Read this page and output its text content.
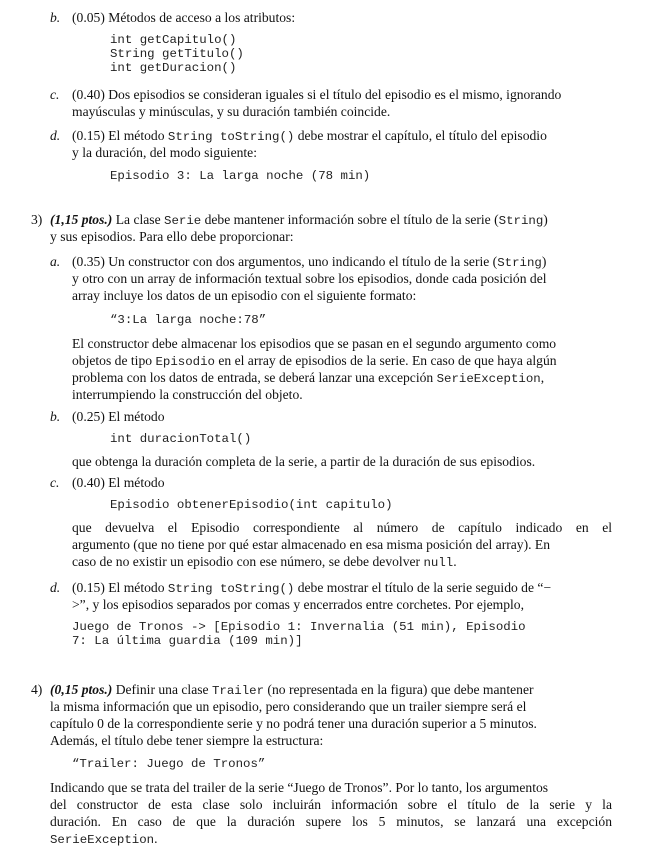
b. (0.05) Métodos de acceso a los atributos:
int getCapitulo()
String getTitulo()
int getDuracion()
c. (0.40) Dos episodios se consideran iguales si el título del episodio es el mismo, ignorando
mayúsculas y minúsculas, y su duración también coincide.
d. (0.15) El método String toString() debe mostrar el capítulo, el título del episodio
y la duración, del modo siguiente:
Episodio 3: La larga noche (78 min)
3) (1,15 ptos.) La clase Serie debe mantener información sobre el título de la serie (String)
y sus episodios. Para ello debe proporcionar:
a. (0.35) Un constructor con dos argumentos, uno indicando el título de la serie (String)
y otro con un array de información textual sobre los episodios, donde cada posición del
array incluye los datos de un episodio con el siguiente formato:
“3:La larga noche:78”
El constructor debe almacenar los episodios que se pasan en el segundo argumento como
objetos de tipo Episodio en el array de episodios de la serie. En caso de que haya algún
problema con los datos de entrada, se deberá lanzar una excepción SerieException,
interrumpiendo la construcción del objeto.
b. (0.25) El método
int duracionTotal()
que obtenga la duración completa de la serie, a partir de la duración de sus episodios.
c. (0.40) El método
Episodio obtenerEpisodio(int capitulo)
que devuelva el Episodio correspondiente al número de capítulo indicado en el
argumento (que no tiene por qué estar almacenado en esa misma posición del array). En
caso de no existir un episodio con ese número, se debe devolver null.
d. (0.15) El método String toString() debe mostrar el título de la serie seguido de “−
>”, y los episodios separados por comas y encerrados entre corchetes. Por ejemplo,
Juego de Tronos -> [Episodio 1: Invernalia (51 min), Episodio
7: La última guardia (109 min)]
4) (0,15 ptos.) Definir una clase Trailer (no representada en la figura) que debe mantener
la misma información que un episodio, pero considerando que un trailer siempre será el
capítulo 0 de la correspondiente serie y no podrá tener una duración superior a 5 minutos.
Además, el título debe tener siempre la estructura:
“Trailer: Juego de Tronos”
Indicando que se trata del trailer de la serie “Juego de Tronos”. Por lo tanto, los argumentos
del constructor de esta clase solo incluirán información sobre el título de la serie y la
duración. En caso de que la duración supere los 5 minutos, se lanzará una excepción
SerieException.
